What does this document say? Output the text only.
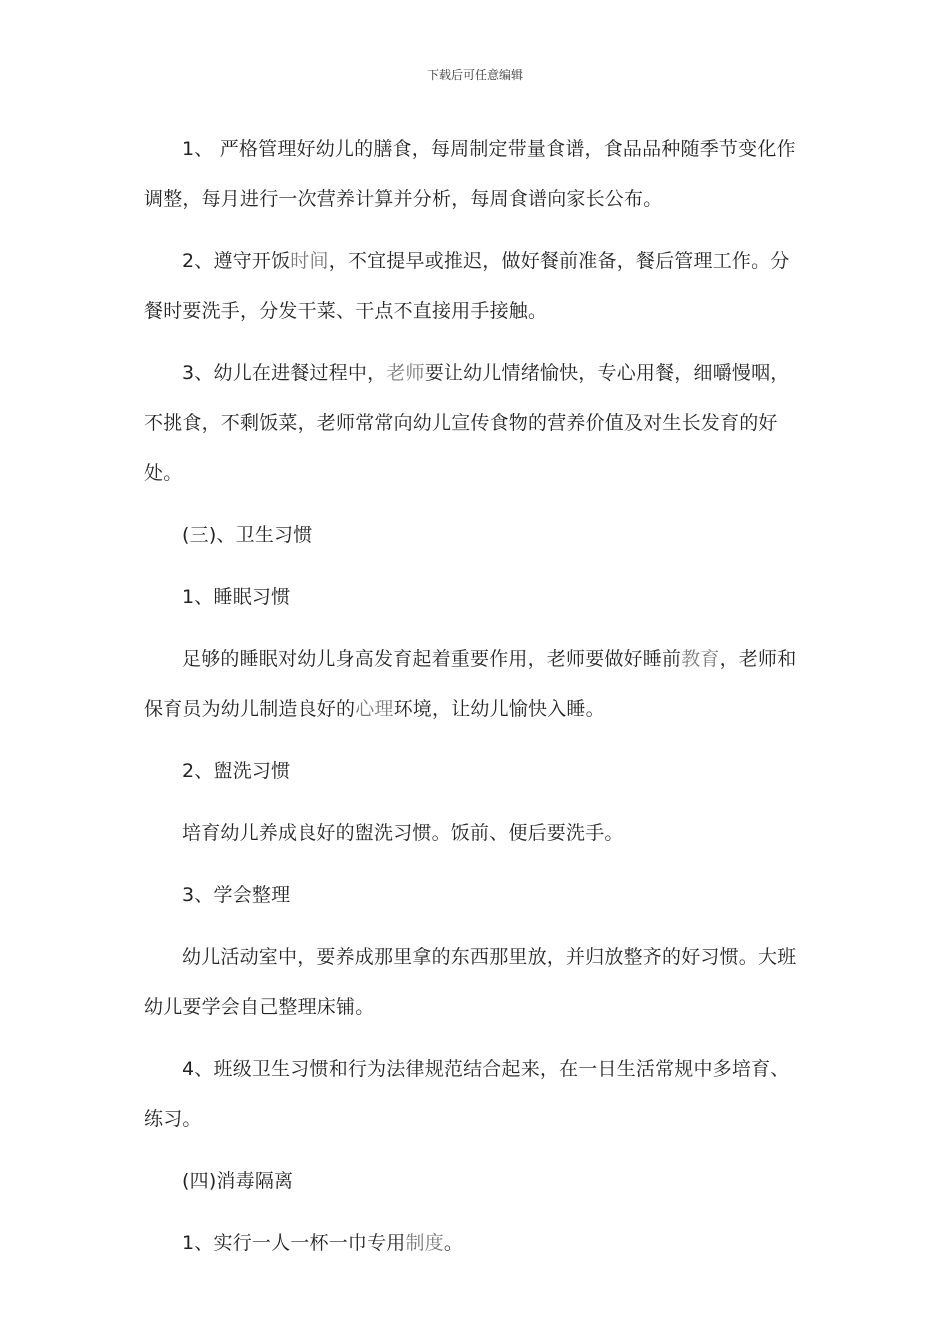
下载后可任意编辑

1、 严格管理好幼儿的膳食，每周制定带量食谱，食品品种随季节变化作调整，每月进行一次营养计算并分析，每周食谱向家长公布。

2、遵守开饭时间，不宜提早或推迟，做好餐前准备，餐后管理工作。分餐时要洗手，分发干菜、干点不直接用手接触。

3、幼儿在进餐过程中，老师要让幼儿情绪愉快，专心用餐，细嚼慢咽，不挑食，不剩饭菜，老师常常向幼儿宣传食物的营养价值及对生长发育的好处。

(三)、卫生习惯

1、睡眠习惯

足够的睡眠对幼儿身高发育起着重要作用，老师要做好睡前教育，老师和保育员为幼儿制造良好的心理环境，让幼儿愉快入睡。

2、盥洗习惯

培育幼儿养成良好的盥洗习惯。饭前、便后要洗手。

3、学会整理

幼儿活动室中，要养成那里拿的东西那里放，并归放整齐的好习惯。大班幼儿要学会自己整理床铺。

4、班级卫生习惯和行为法律规范结合起来，在一日生活常规中多培育、练习。

(四)消毒隔离

1、实行一人一杯一巾专用制度。
